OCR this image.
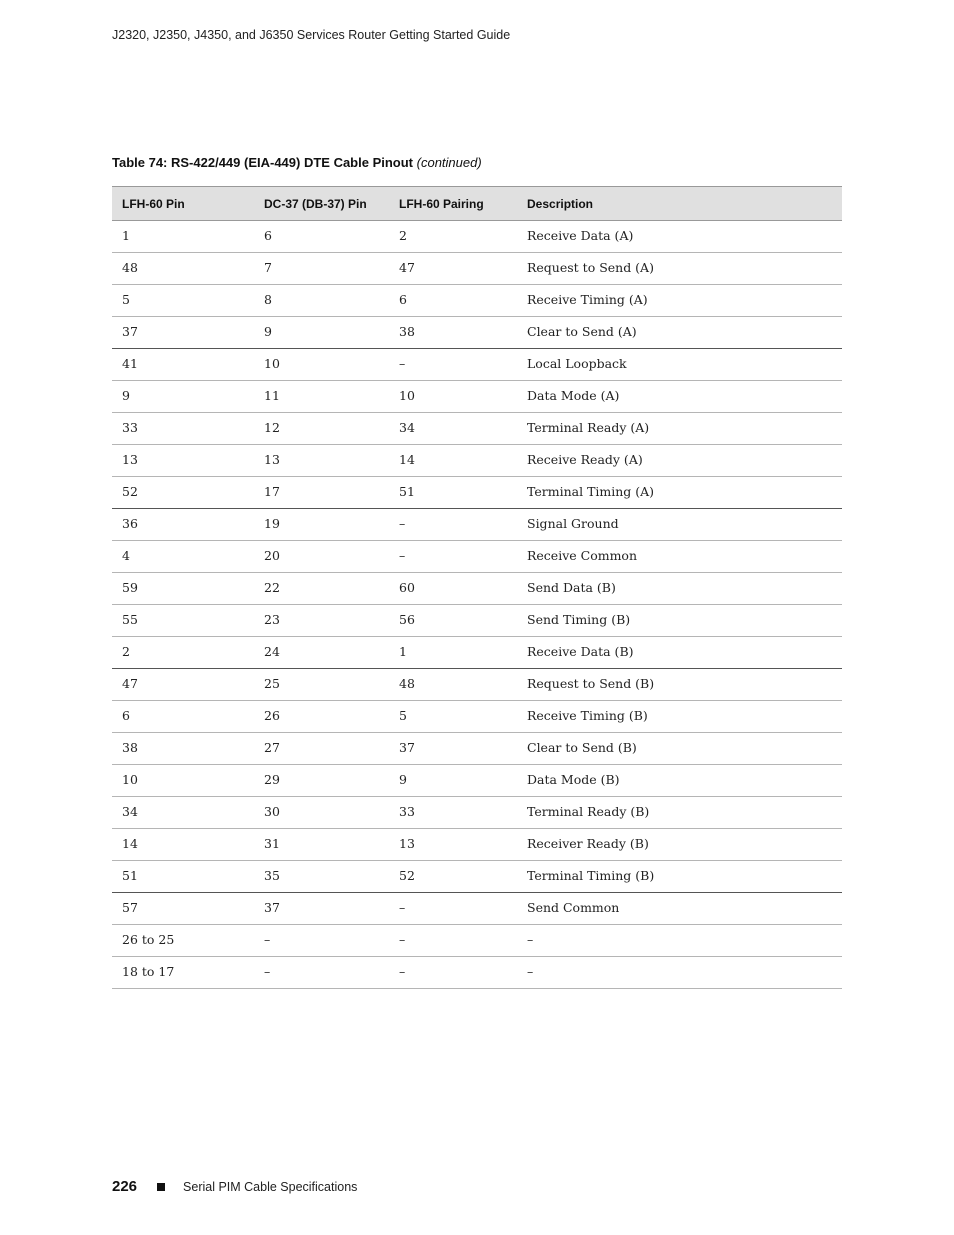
J2320, J2350, J4350, and J6350 Services Router Getting Started Guide
Table 74: RS-422/449 (EIA-449) DTE Cable Pinout (continued)
LFH-60 Pin	DC-37 (DB-37) Pin	LFH-60 Pairing	Description
1	6	2	Receive Data (A)
48	7	47	Request to Send (A)
5	8	6	Receive Timing (A)
37	9	38	Clear to Send (A)
41	10	–	Local Loopback
9	11	10	Data Mode (A)
33	12	34	Terminal Ready (A)
13	13	14	Receive Ready (A)
52	17	51	Terminal Timing (A)
36	19	–	Signal Ground
4	20	–	Receive Common
59	22	60	Send Data (B)
55	23	56	Send Timing (B)
2	24	1	Receive Data (B)
47	25	48	Request to Send (B)
6	26	5	Receive Timing (B)
38	27	37	Clear to Send (B)
10	29	9	Data Mode (B)
34	30	33	Terminal Ready (B)
14	31	13	Receiver Ready (B)
51	35	52	Terminal Timing (B)
57	37	–	Send Common
26 to 25	–	–	–
18 to 17	–	–	–
226	Serial PIM Cable Specifications
